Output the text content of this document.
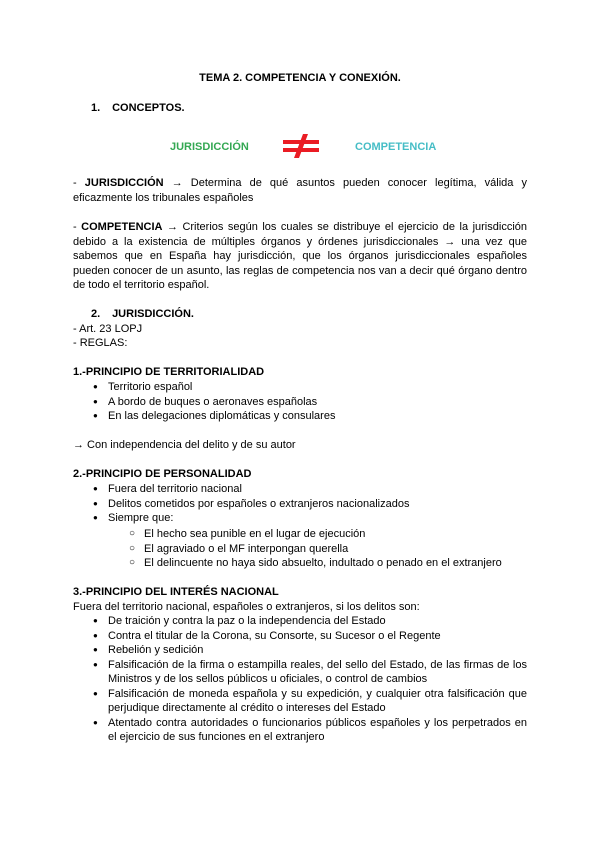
TEMA 2. COMPETENCIA Y CONEXIÓN.
1. CONCEPTOS.
JURISDICCIÓN	COMPETENCIA
- JURISDICCIÓN → Determina de qué asuntos pueden conocer legítima, válida y eficazmente los tribunales españoles
- COMPETENCIA → Criterios según los cuales se distribuye el ejercicio de la jurisdicción debido a la existencia de múltiples órganos y órdenes jurisdiccionales → una vez que sabemos que en España hay jurisdicción, que los órganos jurisdiccionales españoles pueden conocer de un asunto, las reglas de competencia nos van a decir qué órgano dentro de todo el territorio español.
2. JURISDICCIÓN.
- Art. 23 LOPJ
- REGLAS:
1.-PRINCIPIO DE TERRITORIALIDAD
● Territorio español
● A bordo de buques o aeronaves españolas
● En las delegaciones diplomáticas y consulares
→ Con independencia del delito y de su autor
2.-PRINCIPIO DE PERSONALIDAD
● Fuera del territorio nacional
● Delitos cometidos por españoles o extranjeros nacionalizados
● Siempre que:
○ El hecho sea punible en el lugar de ejecución
○ El agraviado o el MF interpongan querella
○ El delincuente no haya sido absuelto, indultado o penado en el extranjero
3.-PRINCIPIO DEL INTERÉS NACIONAL
Fuera del territorio nacional, españoles o extranjeros, si los delitos son:
● De traición y contra la paz o la independencia del Estado
● Contra el titular de la Corona, su Consorte, su Sucesor o el Regente
● Rebelión y sedición
● Falsificación de la firma o estampilla reales, del sello del Estado, de las firmas de los Ministros y de los sellos públicos u oficiales, o control de cambios
● Falsificación de moneda española y su expedición, y cualquier otra falsificación que perjudique directamente al crédito o intereses del Estado
● Atentado contra autoridades o funcionarios públicos españoles y los perpetrados en el ejercicio de sus funciones en el extranjero
